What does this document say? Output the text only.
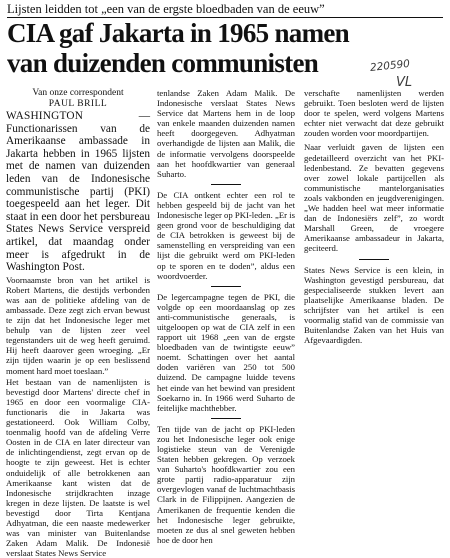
Lijsten leidden tot „een van de ergste bloedbaden van de eeuw”
CIA gaf Jakarta in 1965 namen
van duizenden communisten	220590
VL
Van onze correspondent
PAUL BRILL

WASHINGTON — Functionarissen van de Amerikaanse ambassade in Jakarta hebben in 1965 lijsten met de namen van duizenden leden van de Indonesische communistische partij (PKI) toegespeeld aan het leger. Dit staat in een door het persbureau States News Service verspreid artikel, dat maandag onder meer is afgedrukt in de Washington Post.

Voornaamste bron van het artikel is Robert Martens, die destijds verbonden was aan de politieke afdeling van de ambassade. Deze zegt zich ervan bewust te zijn dat het Indonesische leger met behulp van de lijsten zeer veel tegenstanders uit de weg heeft geruimd. Hij heeft daarover geen wroeging. „Er zijn tijden waarin je op een beslissend moment hard moet toeslaan.”

Het bestaan van de namenlijsten is bevestigd door Martens' directe chef in 1965 en door een voormalige CIA-functionaris die in Jakarta was gestationeerd. Ook William Colby, toenmalig hoofd van de afdeling Verre Oosten in de CIA en later directeur van de inlichtingendienst, zegt ervan op de hoogte te zijn geweest. Het is echter onduidelijk of alle betrokkenen aan Amerikaanse kant wisten dat de Indonesische strijdkrachten inzage kregen in deze lijsten. De laatste is wel bevestigd door Tirta Kentjana Adhyatman, die een naaste medewerker was van minister van Buitenlandse Zaken Adam Malik. De Indonesië verslaat States News Service

tenlandse Zaken Adam Malik. De Indonesische verslaat States News Service dat Martens hem in de loop van enkele maanden duizenden namen heeft doorgegeven. Adhyatman overhandigde de lijsten aan Malik, die de informatie vervolgens doorspeelde aan het hoofdkwartier van generaal Suharto.

De CIA ontkent echter een rol te hebben gespeeld bij de jacht van het Indonesische leger op PKI-leden. „Er is geen grond voor de beschuldiging dat de CIA betrokken is geweest bij de samenstelling en verspreiding van een lijst die gebruikt werd om PKI-leden op te sporen en te doden”, aldus een woordvoerder.

De legercampagne tegen de PKI, die volgde op een moordaanslag op zes anti-communistische generaals, is uitgeloopen op wat de CIA zelf in een rapport uit 1968 „een van de ergste bloedbaden van de twintigste eeuw” noemt. Schattingen over het aantal doden variëren van 250 tot 500 duizend. De campagne luidde tevens het einde van het bewind van president Soekarno in. In 1966 werd Suharto de feitelijke machthebber.

Ten tijde van de jacht op PKI-leden zou het Indonesische leger ook enige logistieke steun van de Verenigde Staten hebben gekregen. Op verzoek van Suharto's hoofdkwartier zou een grote partij radio-apparatuur zijn overgevlogen vanaf de luchtmachtbasis Clark in de Filippijnen. Aangezien de Amerikanen de frequentie kenden die het Indonesische leger gebruikte, moeten ze dus al snel geweten hebben hoe de door hen

verschafte namenlijsten werden gebruikt. Toen besloten werd de lijsten door te spelen, werd volgens Martens echter niet verwacht dat deze gebruikt zouden worden voor moordpartijen.

Naar verluidt gaven de lijsten een gedetailleerd overzicht van het PKI-ledenbestand. Ze bevatten gegevens over zowel lokale partijcellen als communistische mantelorganisaties zoals vakbonden en jeugdverenigingen. „We hadden heel wat meer informatie dan de Indonesiërs zelf”, zo wordt Marshall Green, de vroegere Amerikaanse ambassadeur in Jakarta, geciteerd.

States News Service is een klein, in Washington gevestigd persbureau, dat gespecialiseerde stukken levert aan plaatselijke Amerikaanse bladen. De schrijfster van het artikel is een voormalig stafid van de commissie van Buitenlandse Zaken van het Huis van Afgevaardigden.
